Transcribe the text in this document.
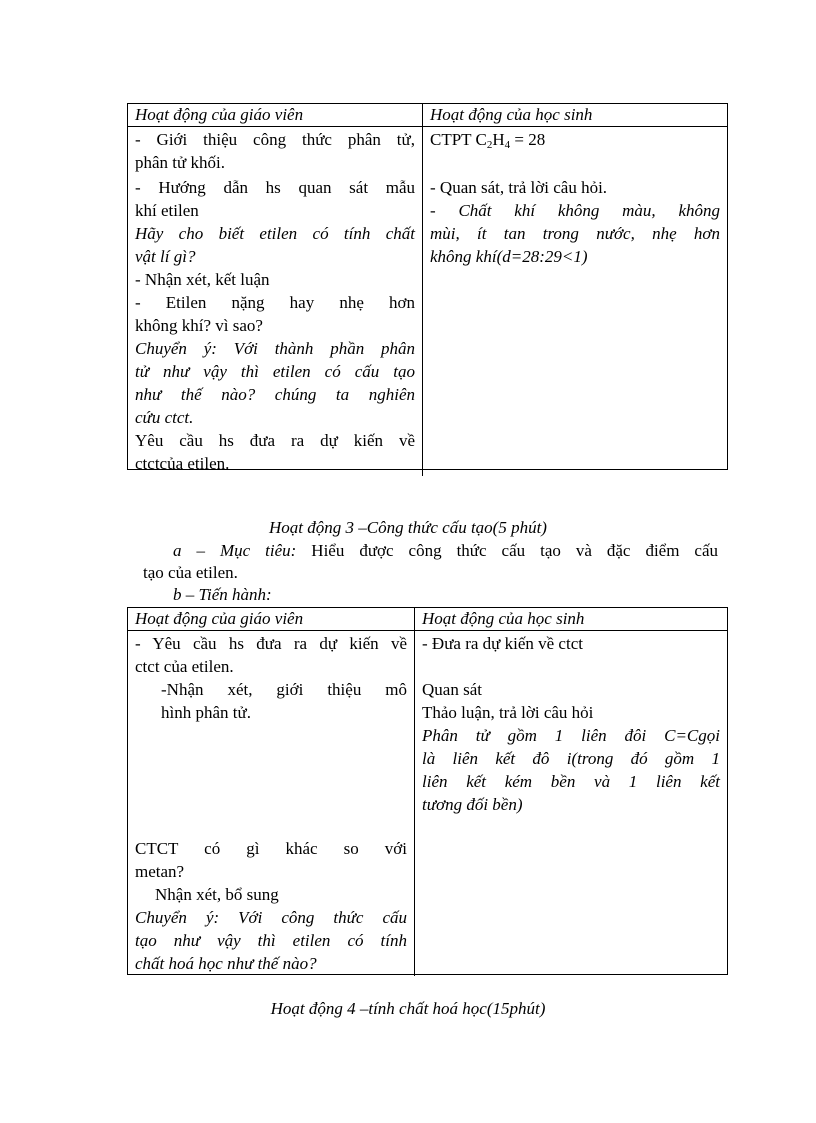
Hoạt động của giáo viên	Hoạt động của học sinh
- Giới thiệu công thức phân tử,
phân tử khối.
- Hướng dẫn hs quan sát mẫu
khí etilen
Hãy cho biết etilen có tính chất
vật lí gì?
- Nhận xét, kết luận
- Etilen nặng hay nhẹ hơn
không khí? vì sao?
Chuyển ý: Với thành phần phân
tử như vậy thì etilen có cấu tạo
như thế nào? chúng ta nghiên
cứu ctct.
Yêu cầu hs đưa ra dự kiến về
ctctcủa etilen.
CTPT $C_2H_4 = 28$
- Quan sát, trả lời câu hỏi.
- Chất khí không màu, không
mùi, ít tan trong nước, nhẹ hơn
không khí(d=28:29<1)
Hoạt động 3 –Công thức cấu tạo(5 phút)
a – Mục tiêu: Hiểu được công thức cấu tạo và đặc điểm cấu
tạo của etilen.
b – Tiến hành:
Hoạt động của giáo viên	Hoạt động của học sinh
- Yêu cầu hs đưa ra dự kiến về
ctct của etilen.
-Nhận xét, giới thiệu mô
hình phân tử.
CTCT có gì khác so với
metan?
Nhận xét, bổ sung
Chuyển ý: Với công thức cấu
tạo như vậy thì etilen có tính
chất hoá học như thế nào?
- Đưa ra dự kiến về ctct
Quan sát
Thảo luận, trả lời câu hỏi
Phân tử gồm 1 liên đôi C=Cgọi
là liên kết đô i(trong đó gồm 1
liên kết kém bền và 1 liên kết
tương đối bền)
Hoạt động 4 –tính chất hoá học(15phút)
